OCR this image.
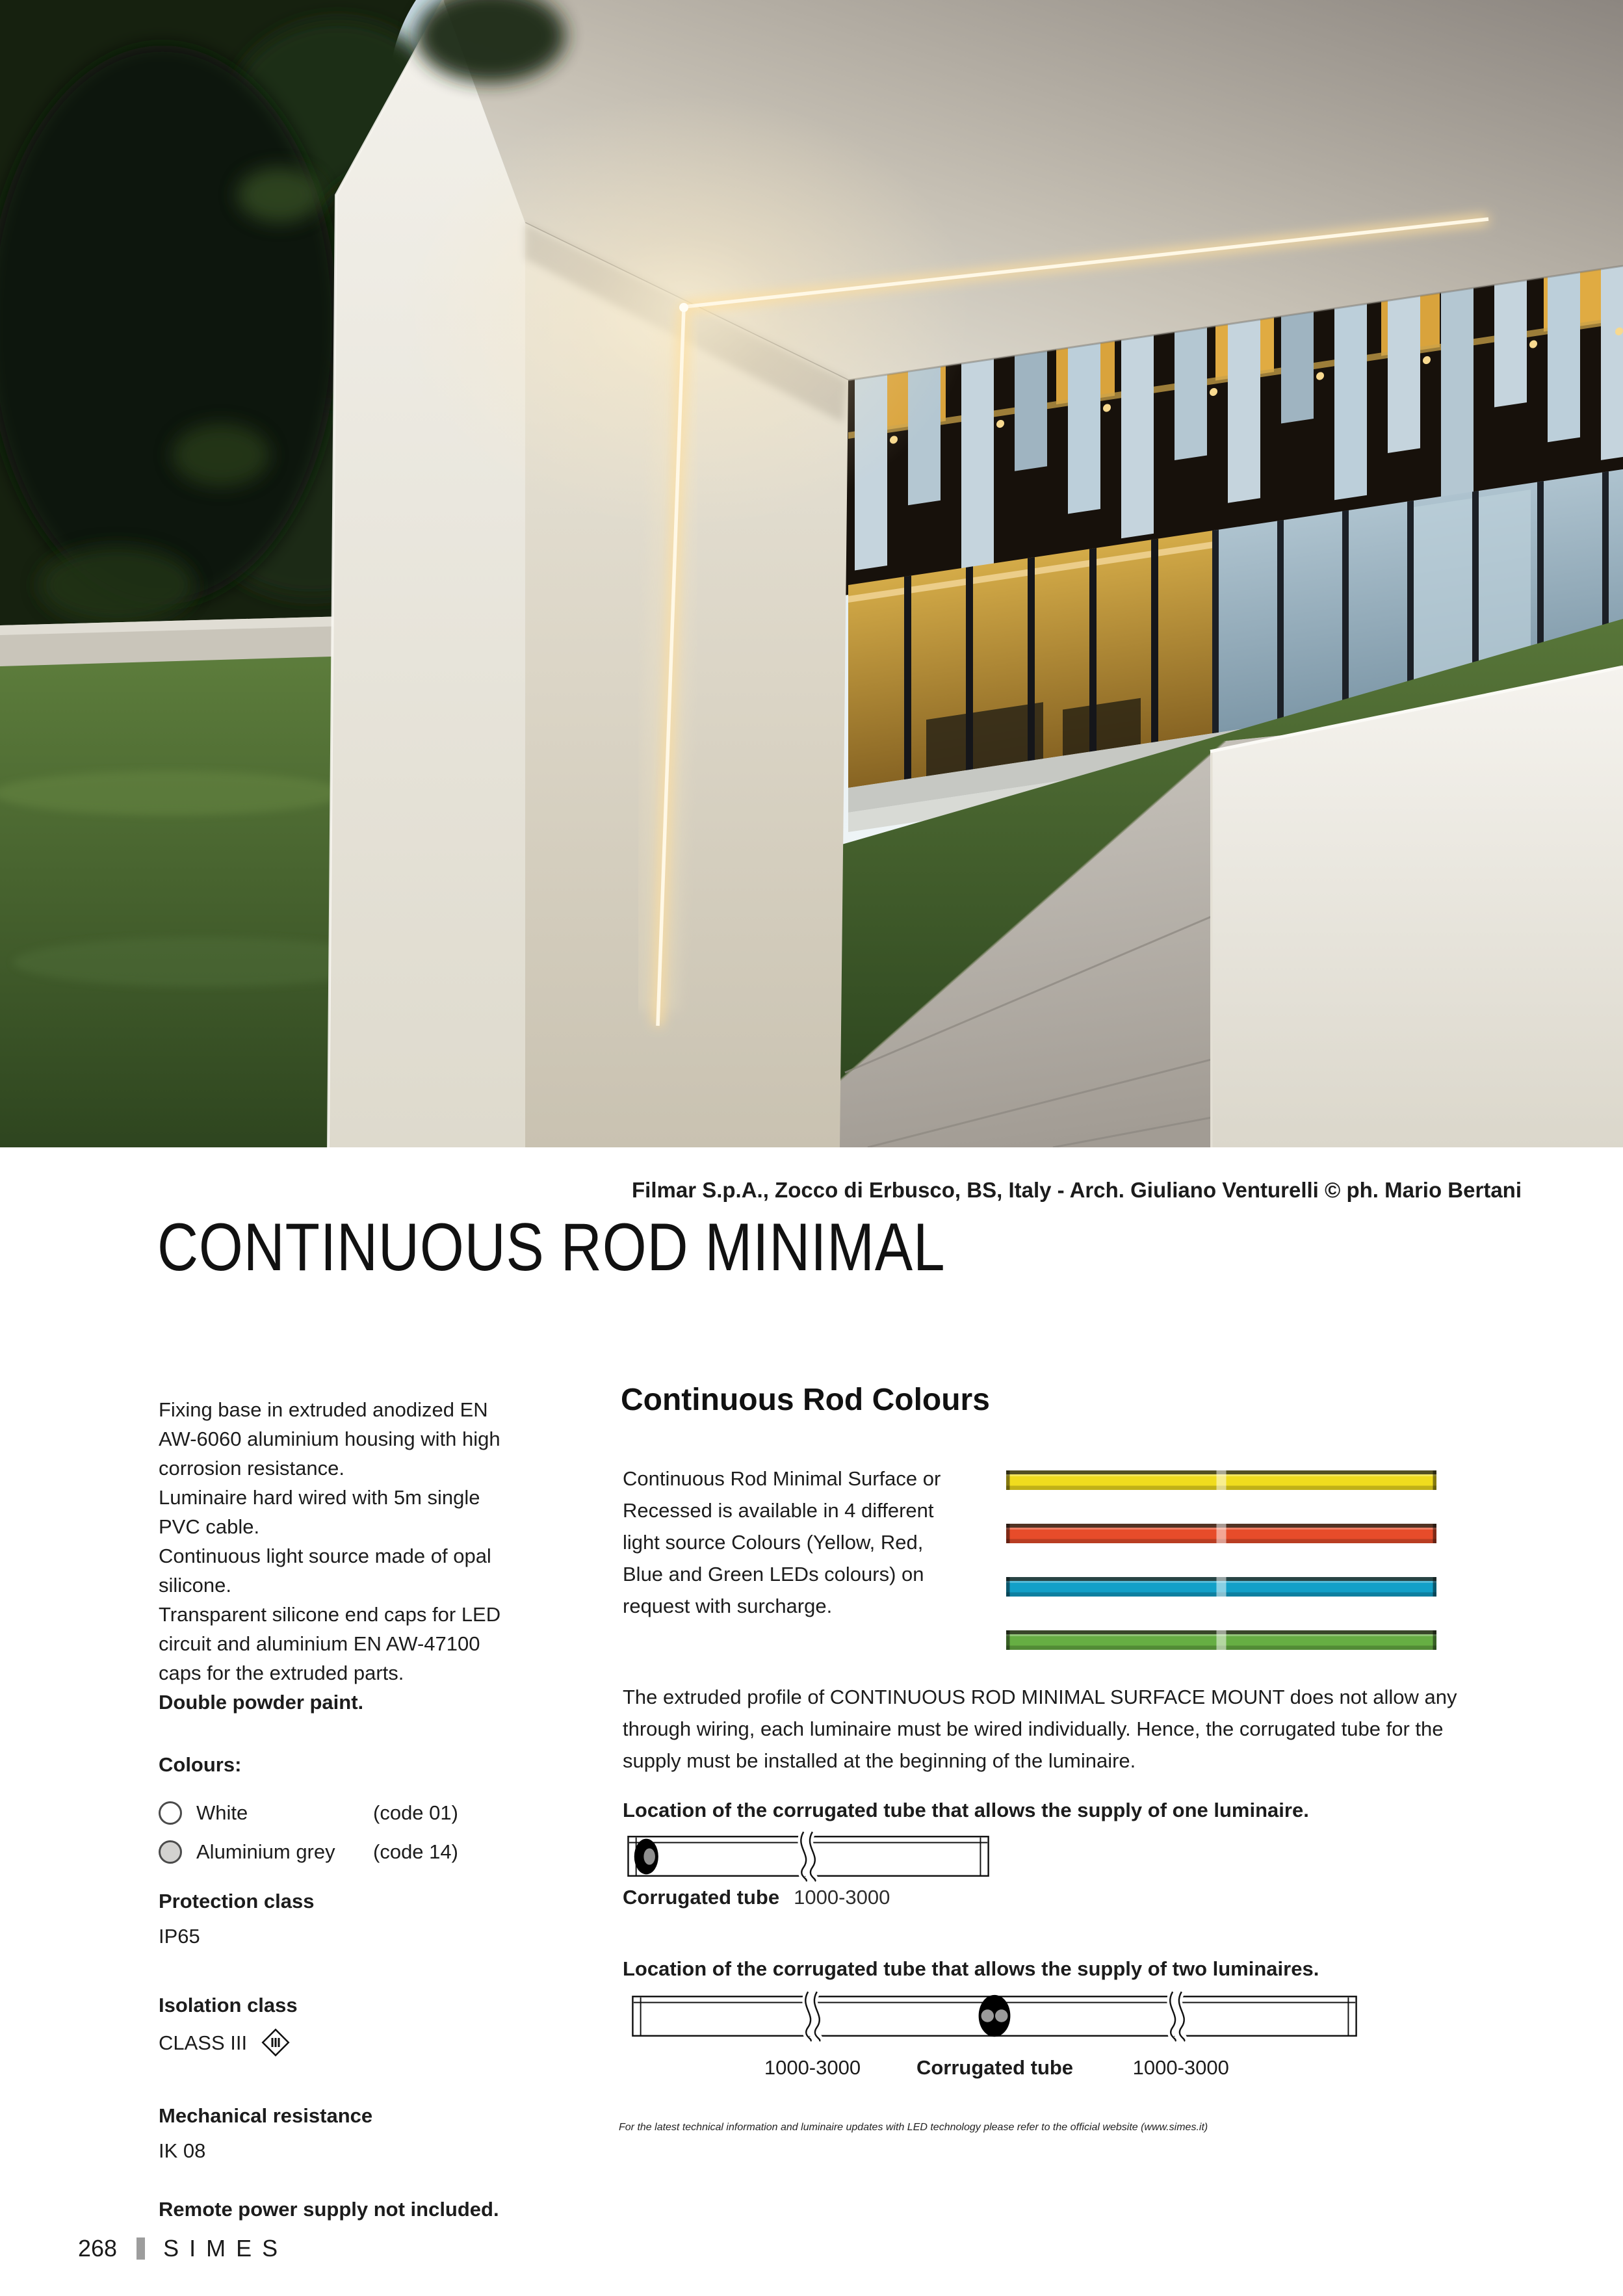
Filmar S.p.A., Zocco di Erbusco, BS, Italy - Arch. Giuliano Venturelli © ph. Mario Bertani
CONTINUOUS ROD MINIMAL
Fixing base in extruded anodized EN AW-6060 aluminium housing with high corrosion resistance.
Luminaire hard wired with 5m single PVC cable.
Continuous light source made of opal silicone.
Transparent silicone end caps for LED circuit and aluminium EN AW-47100 caps for the extruded parts.
Double powder paint.
Colours:
White	(code 01)
Aluminium grey	(code 14)
Protection class
IP65
Isolation class
CLASS III
Mechanical resistance
IK 08
Remote power supply not included.
Continuous Rod Colours
Continuous Rod Minimal Surface or Recessed is available in 4 different light source Colours (Yellow, Red, Blue and Green LEDs colours) on request with surcharge.
The extruded profile of CONTINUOUS ROD MINIMAL SURFACE MOUNT does not allow any through wiring, each luminaire must be wired individually. Hence, the corrugated tube for the supply must be installed at the beginning of the luminaire.
Location of the corrugated tube that allows the supply of one luminaire.
Corrugated tube 1000-3000
Location of the corrugated tube that allows the supply of two luminaires.
1000-3000	Corrugated tube	1000-3000
For the latest technical information and luminaire updates with LED technology please refer to the official website (www.simes.it)
268 SIMES
